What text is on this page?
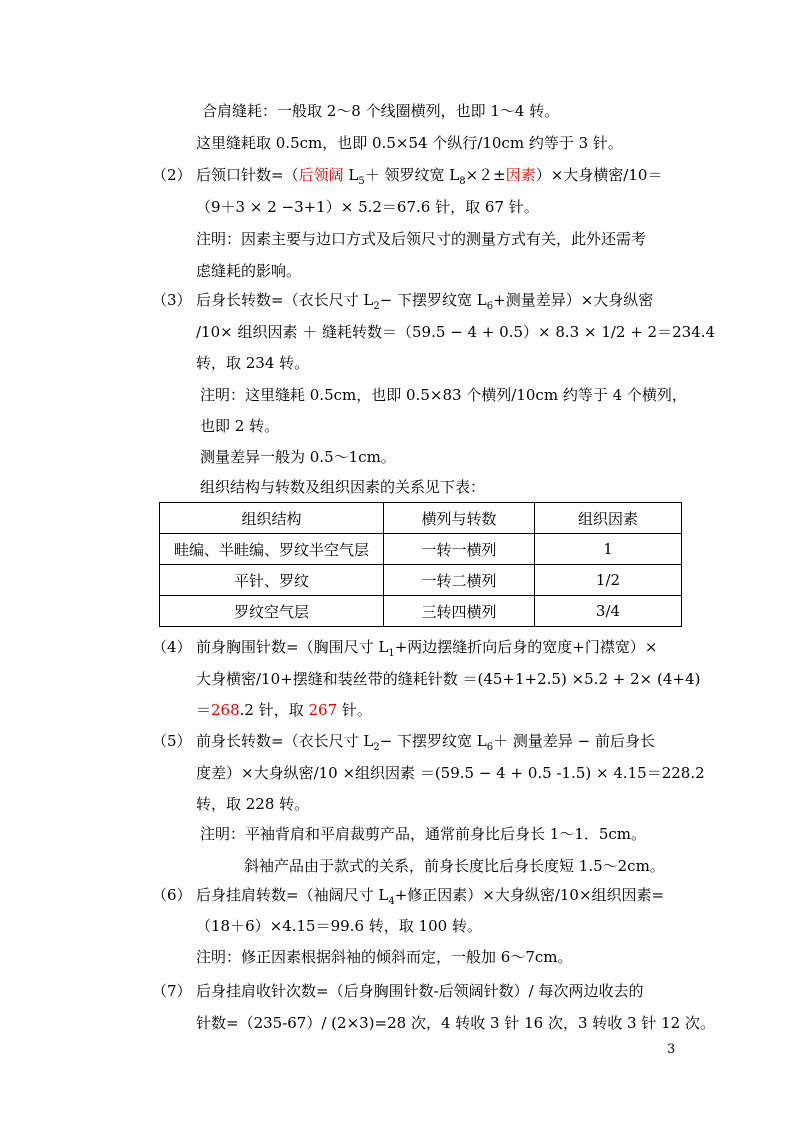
合肩缝耗：一般取 2～8 个线圈横列，也即 1～4 转。
这里缝耗取 0.5cm，也即 0.5×54 个纵行/10cm 约等于 3 针。
（2） 后领口针数=（后领阔 $L_5+$ 领罗纹宽 $L_8\times 2\pm$因素）×大身横密/10＝
（9＋3 × 2 −3+1）× 5.2＝67.6 针，取 67 针。
注明：因素主要与边口方式及后领尺寸的测量方式有关，此外还需考
虑缝耗的影响。
（3） 后身长转数=（衣长尺寸 $L_2-$ 下摆罗纹宽 $L_6+$测量差异）×大身纵密
/10× 组织因素 ＋ 缝耗转数＝（59.5 − 4 + 0.5）× 8.3 × 1/2 + 2＝234.4
转，取 234 转。
注明：这里缝耗 0.5cm，也即 0.5×83 个横列/10cm 约等于 4 个横列，
也即 2 转。
测量差异一般为 0.5～1cm。
组织结构与转数及组织因素的关系见下表：
组织结构	横列与转数	组织因素
畦编、半畦编、罗纹半空气层	一转一横列	1
平针、罗纹	一转二横列	1/2
罗纹空气层	三转四横列	3/4
（4） 前身胸围针数=（胸围尺寸 $L_1+$两边摆缝折向后身的宽度+门襟宽）×
大身横密/10+摆缝和装丝带的缝耗针数 ＝(45+1+2.5) ×5.2 + 2× (4+4)
＝268.2 针，取 267 针。
（5） 前身长转数=（衣长尺寸 $L_2-$ 下摆罗纹宽 $L_6+$ 测量差异 − 前后身长
度差）×大身纵密/10 ×组织因素 ＝(59.5 − 4 + 0.5 -1.5) × 4.15＝228.2
转，取 228 转。
注明：平袖背肩和平肩裁剪产品，通常前身比后身长 1～1．5cm。
斜袖产品由于款式的关系，前身长度比后身长度短 1.5～2cm。
（6） 后身挂肩转数=（袖阔尺寸 $L_4+$修正因素）×大身纵密/10×组织因素=
（18＋6）×4.15＝99.6 转，取 100 转。
注明：修正因素根据斜袖的倾斜而定，一般加 6～7cm。
（7） 后身挂肩收针次数=（后身胸围针数-后领阔针数）/ 每次两边收去的
针数=（235-67）/ (2×3)=28 次，4 转收 3 针 16 次，3 转收 3 针 12 次。
3
